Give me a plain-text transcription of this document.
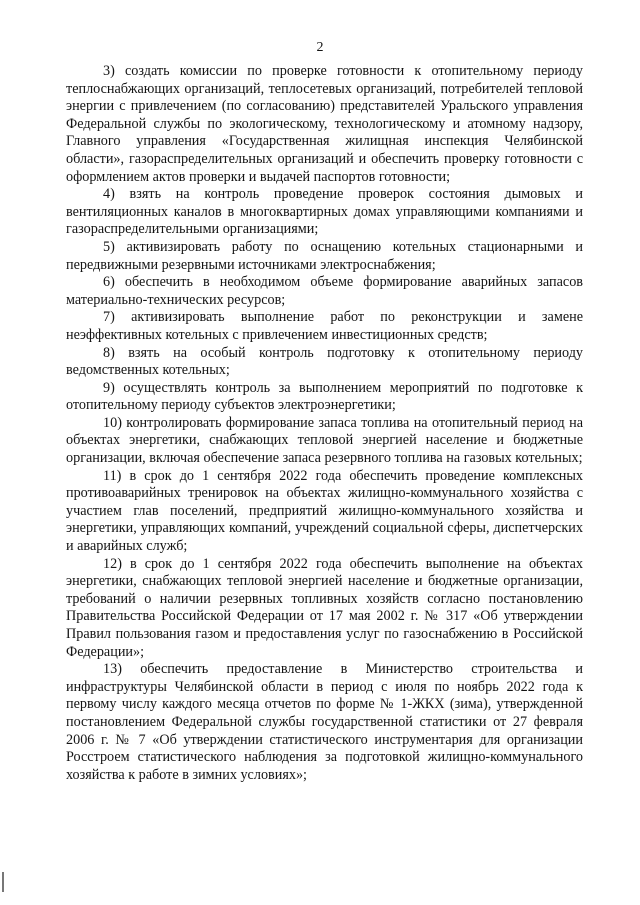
2

3) создать комиссии по проверке готовности к отопительному периоду теплоснабжающих организаций, теплосетевых организаций, потребителей тепловой энергии с привлечением (по согласованию) представителей Уральского управления Федеральной службы по экологическому, технологическому и атомному надзору, Главного управления «Государственная жилищная инспекция Челябинской области», газораспределительных организаций и обеспечить проверку готовности с оформлением актов проверки и выдачей паспортов готовности;

4) взять на контроль проведение проверок состояния дымовых и вентиляционных каналов в многоквартирных домах управляющими компаниями и газораспределительными организациями;

5) активизировать работу по оснащению котельных стационарными и передвижными резервными источниками электроснабжения;

6) обеспечить в необходимом объеме формирование аварийных запасов материально-технических ресурсов;

7) активизировать выполнение работ по реконструкции и замене неэффективных котельных с привлечением инвестиционных средств;

8) взять на особый контроль подготовку к отопительному периоду ведомственных котельных;

9) осуществлять контроль за выполнением мероприятий по подготовке к отопительному периоду субъектов электроэнергетики;

10) контролировать формирование запаса топлива на отопительный период на объектах энергетики, снабжающих тепловой энергией население и бюджетные организации, включая обеспечение запаса резервного топлива на газовых котельных;

11) в срок до 1 сентября 2022 года обеспечить проведение комплексных противоаварийных тренировок на объектах жилищно-коммунального хозяйства с участием глав поселений, предприятий жилищно-коммунального хозяйства и энергетики, управляющих компаний, учреждений социальной сферы, диспетчерских и аварийных служб;

12) в срок до 1 сентября 2022 года обеспечить выполнение на объектах энергетики, снабжающих тепловой энергией население и бюджетные организации, требований о наличии резервных топливных хозяйств согласно постановлению Правительства Российской Федерации от 17 мая 2002 г. № 317 «Об утверждении Правил пользования газом и предоставления услуг по газоснабжению в Российской Федерации»;

13) обеспечить предоставление в Министерство строительства и инфраструктуры Челябинской области в период с июля по ноябрь 2022 года к первому числу каждого месяца отчетов по форме № 1-ЖКХ (зима), утвержденной постановлением Федеральной службы государственной статистики от 27 февраля 2006 г. № 7 «Об утверждении статистического инструментария для организации Росстроем статистического наблюдения за подготовкой жилищно-коммунального хозяйства к работе в зимних условиях»;
